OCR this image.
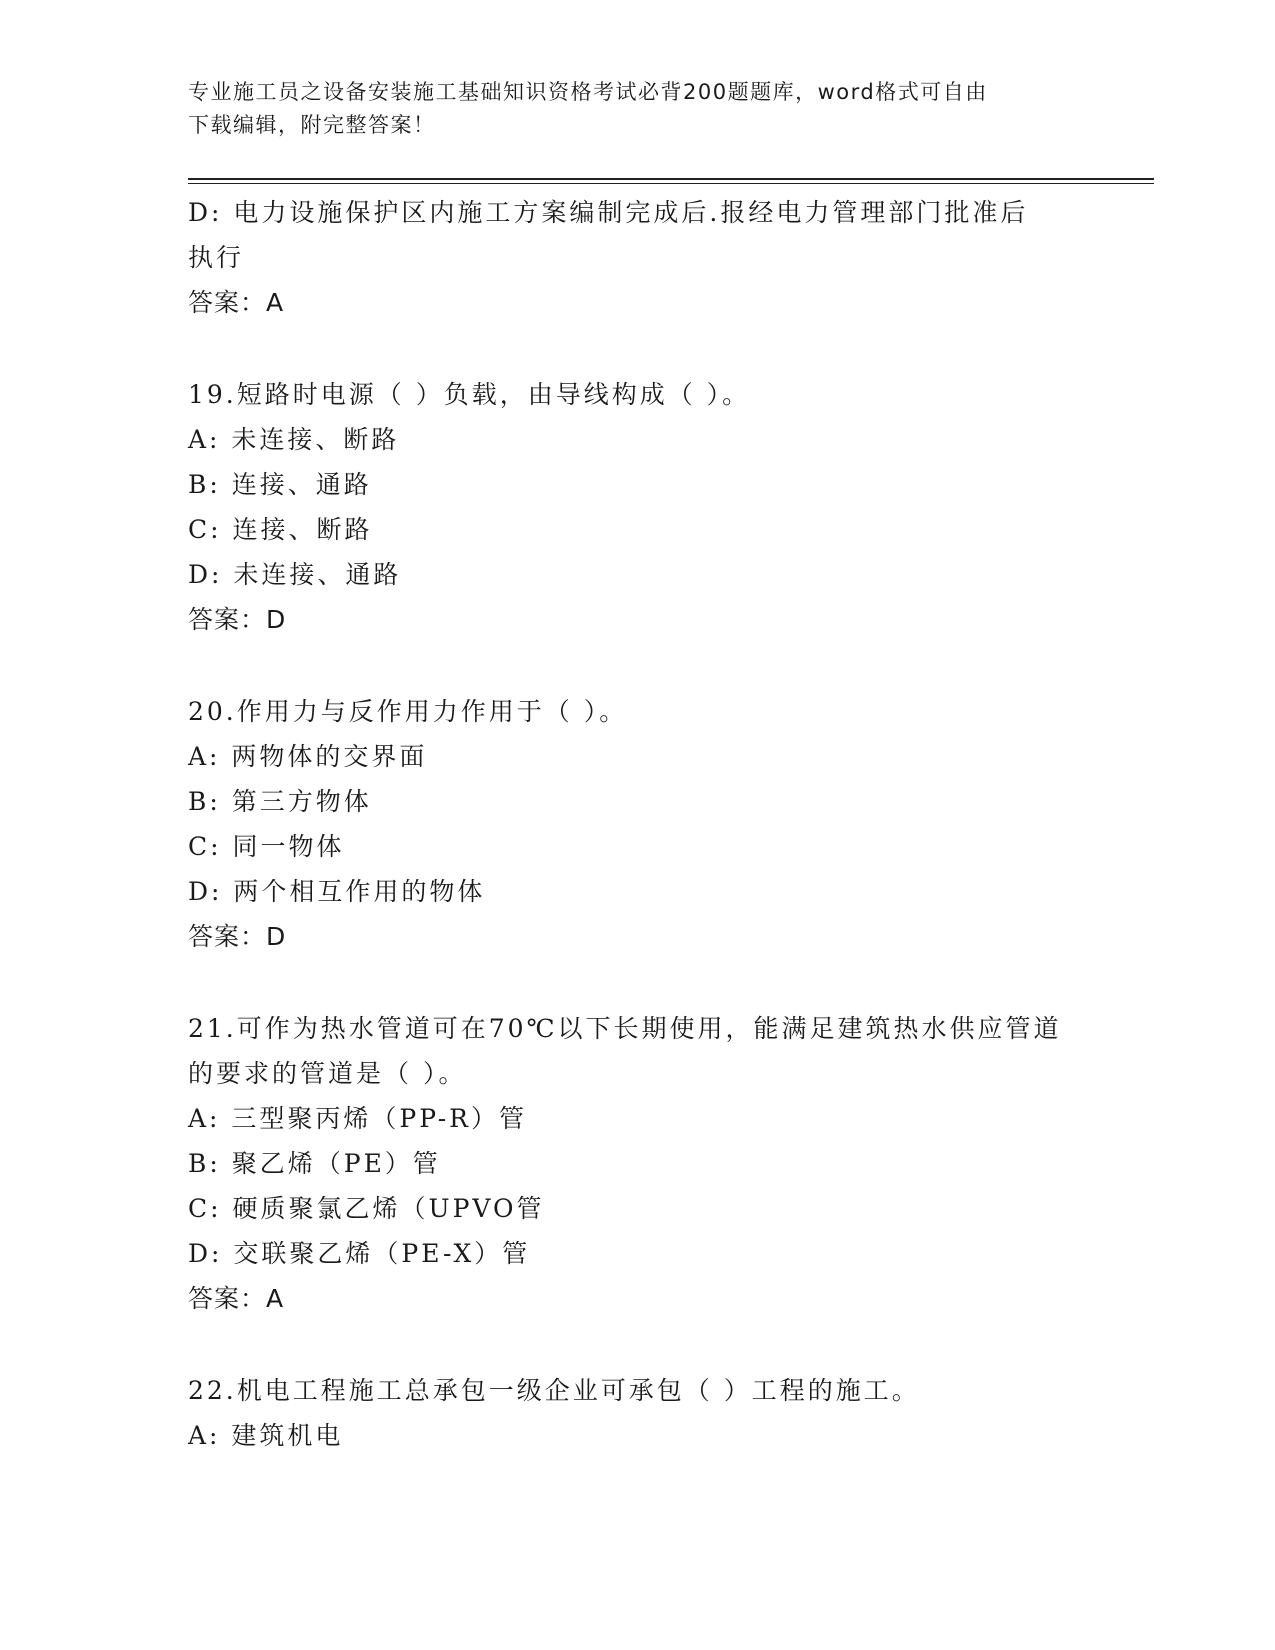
专业施工员之设备安装施工基础知识资格考试必背200题题库，word格式可自由
下载编辑，附完整答案！

D: 电力设施保护区内施工方案编制完成后.报经电力管理部门批准后

执行

答案：A

19.短路时电源（ ）负载，由导线构成（ ）。

A: 未连接、断路

B: 连接、通路

C: 连接、断路

D: 未连接、通路

答案：D

20.作用力与反作用力作用于（ ）。

A: 两物体的交界面

B: 第三方物体

C: 同一物体

D: 两个相互作用的物体

答案：D

21.可作为热水管道可在70℃以下长期使用，能满足建筑热水供应管道

的要求的管道是（ ）。

A: 三型聚丙烯（PP-R）管

B: 聚乙烯（PE）管

C: 硬质聚氯乙烯（UPVO管

D: 交联聚乙烯（PE-X）管

答案：A

22.机电工程施工总承包一级企业可承包（ ）工程的施工。

A: 建筑机电
